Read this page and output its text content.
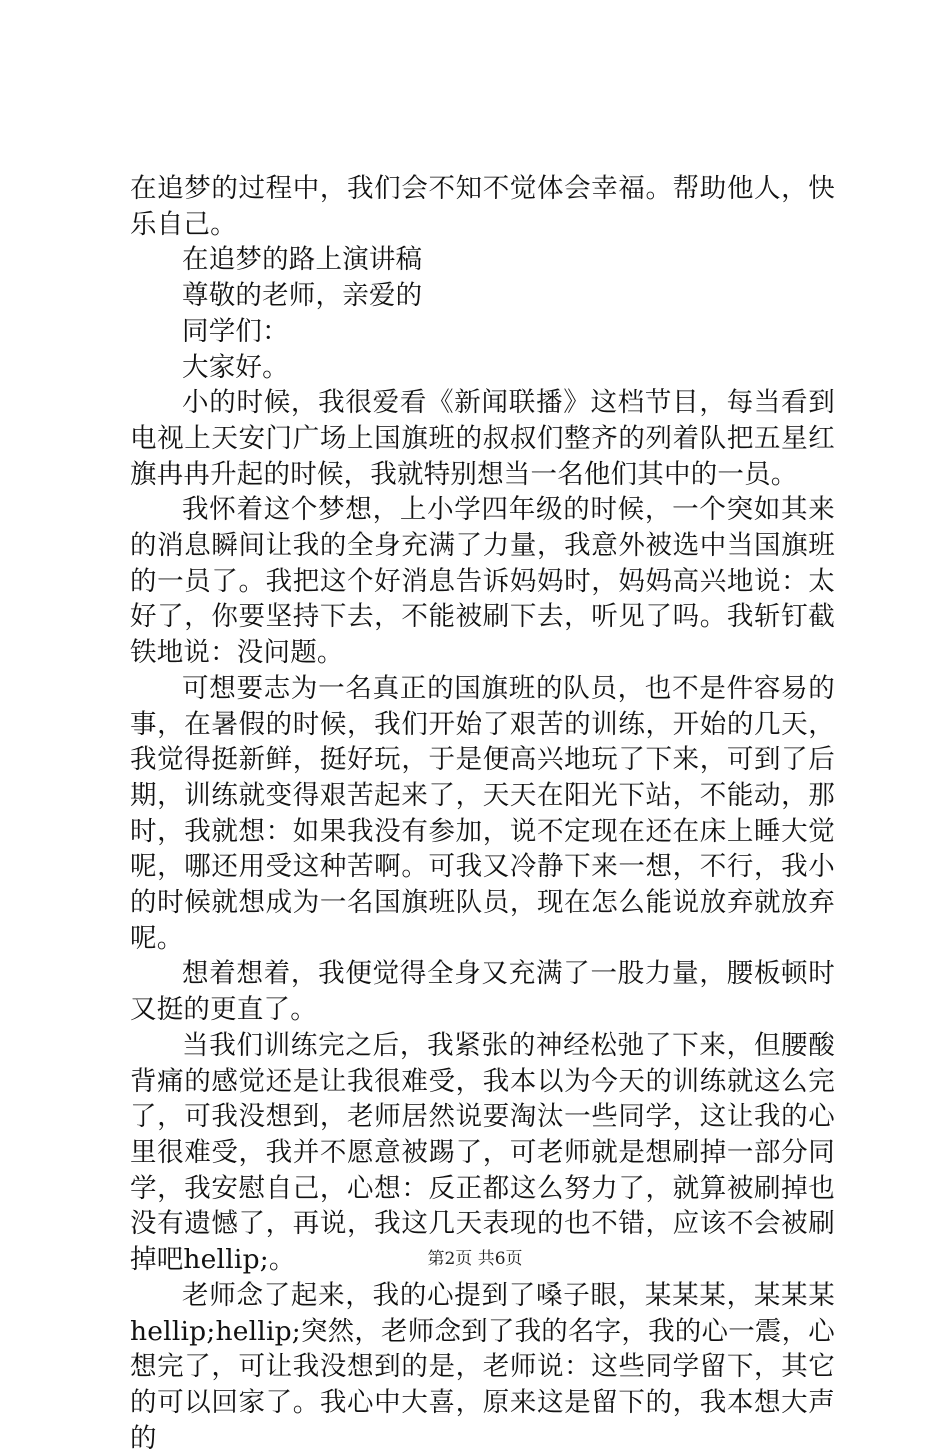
在追梦的过程中，我们会不知不觉体会幸福。帮助他人，快乐自己。

在追梦的路上演讲稿

尊敬的老师，亲爱的

同学们：

大家好。

小的时候，我很爱看《新闻联播》这档节目，每当看到电视上天安门广场上国旗班的叔叔们整齐的列着队把五星红旗冉冉升起的时候，我就特别想当一名他们其中的一员。

我怀着这个梦想，上小学四年级的时候，一个突如其来的消息瞬间让我的全身充满了力量，我意外被选中当国旗班的一员了。我把这个好消息告诉妈妈时，妈妈高兴地说：太好了，你要坚持下去，不能被刷下去，听见了吗。我斩钉截铁地说：没问题。

可想要志为一名真正的国旗班的队员，也不是件容易的事，在暑假的时候，我们开始了艰苦的训练，开始的几天，我觉得挺新鲜，挺好玩，于是便高兴地玩了下来，可到了后期，训练就变得艰苦起来了，天天在阳光下站，不能动，那时，我就想：如果我没有参加，说不定现在还在床上睡大觉呢，哪还用受这种苦啊。可我又冷静下来一想，不行，我小的时候就想成为一名国旗班队员，现在怎么能说放弃就放弃呢。

想着想着，我便觉得全身又充满了一股力量，腰板顿时又挺的更直了。

当我们训练完之后，我紧张的神经松弛了下来，但腰酸背痛的感觉还是让我很难受，我本以为今天的训练就这么完了，可我没想到，老师居然说要淘汰一些同学，这让我的心里很难受，我并不愿意被踢了，可老师就是想刷掉一部分同学，我安慰自己，心想：反正都这么努力了，就算被刷掉也没有遗憾了，再说，我这几天表现的也不错，应该不会被刷掉吧hellip;。

老师念了起来，我的心提到了嗓子眼，某某某，某某某hellip;hellip;突然，老师念到了我的名字，我的心一震，心想完了，可让我没想到的是，老师说：这些同学留下，其它的可以回家了。我心中大喜，原来这是留下的，我本想大声的

第2页 共6页
